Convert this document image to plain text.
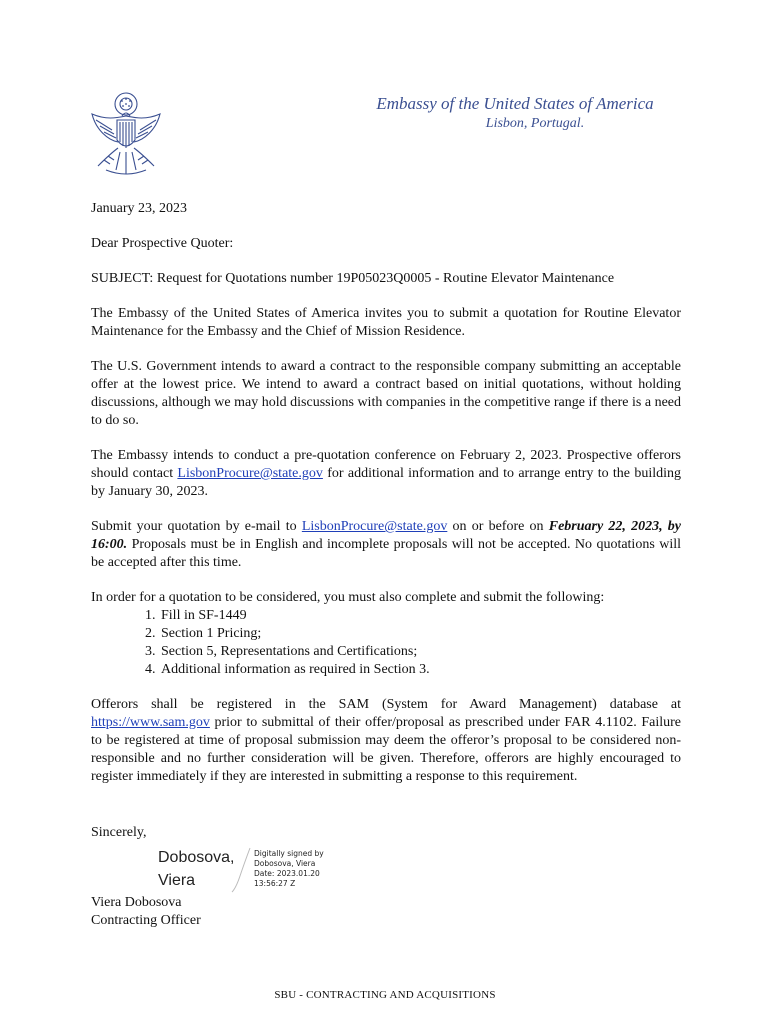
Embassy of the United States of America
Lisbon, Portugal.

January 23, 2023

Dear Prospective Quoter:

SUBJECT: Request for Quotations number 19P05023Q0005 - Routine Elevator Maintenance

The Embassy of the United States of America invites you to submit a quotation for Routine Elevator Maintenance for the Embassy and the Chief of Mission Residence.

The U.S. Government intends to award a contract to the responsible company submitting an acceptable offer at the lowest price. We intend to award a contract based on initial quotations, without holding discussions, although we may hold discussions with companies in the competitive range if there is a need to do so.

The Embassy intends to conduct a pre-quotation conference on February 2, 2023. Prospective offerors should contact LisbonProcure@state.gov for additional information and to arrange entry to the building by January 30, 2023.

Submit your quotation by e-mail to LisbonProcure@state.gov on or before on February 22, 2023, by 16:00. Proposals must be in English and incomplete proposals will not be accepted. No quotations will be accepted after this time.

In order for a quotation to be considered, you must also complete and submit the following:

1. Fill in SF-1449
2. Section 1 Pricing;
3. Section 5, Representations and Certifications;
4. Additional information as required in Section 3.

Offerors shall be registered in the SAM (System for Award Management) database at https://www.sam.gov prior to submittal of their offer/proposal as prescribed under FAR 4.1102. Failure to be registered at time of proposal submission may deem the offeror’s proposal to be considered non-responsible and no further consideration will be given. Therefore, offerors are highly encouraged to register immediately if they are interested in submitting a response to this requirement.

Sincerely,
Dobosova,
Viera
Digitally signed by
Dobosova, Viera
Date: 2023.01.20
13:56:27 Z
Viera Dobosova
Contracting Officer
SBU - CONTRACTING AND ACQUISITIONS
